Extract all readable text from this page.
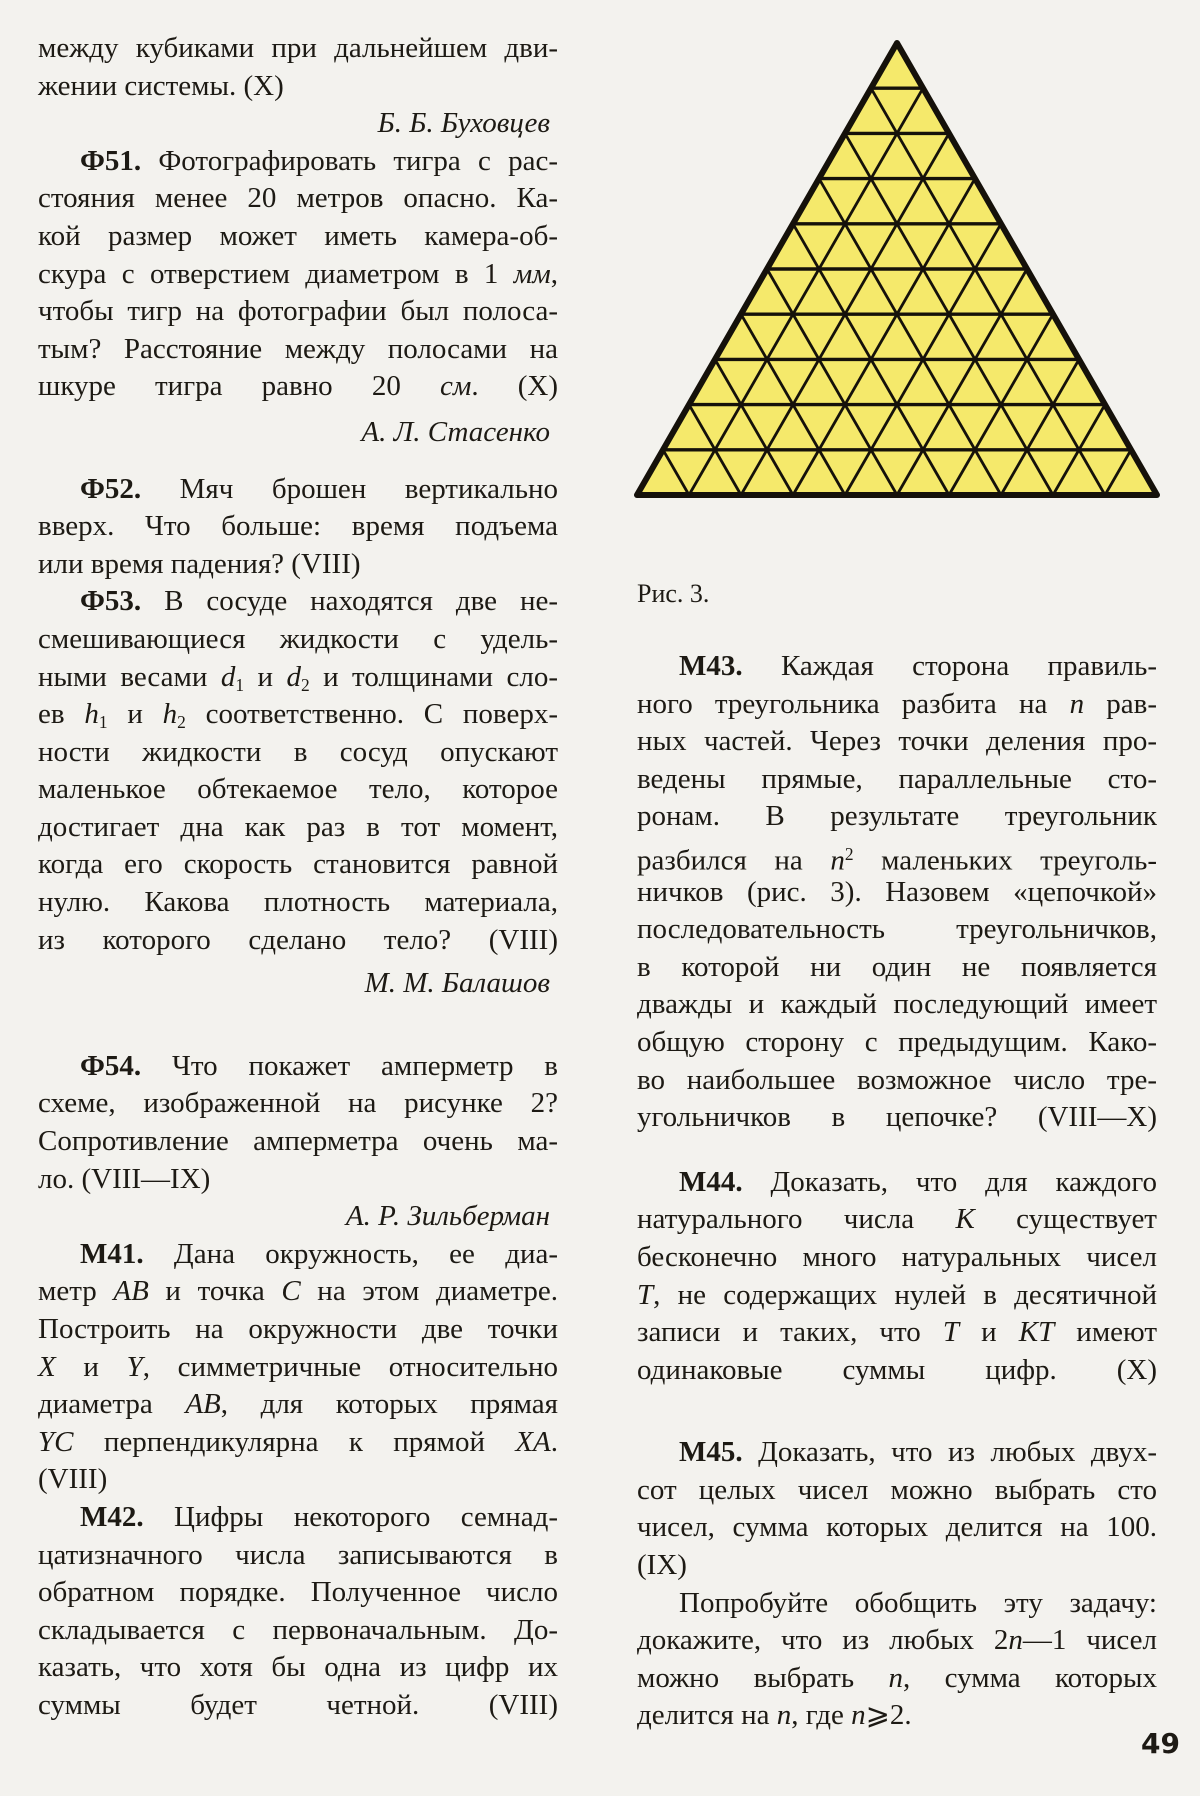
между кубиками при дальнейшем дви-
жении системы. (X)
Б. Б. Буховцев
Ф51. Фотографировать тигра с рас-
стояния менее 20 метров опасно. Ка-
кой размер может иметь камера-об-
скура с отверстием диаметром в 1 мм,
чтобы тигр на фотографии был полоса-
тым? Расстояние между полосами на
шкуре тигра равно 20 см. (X)
А. Л. Стасенко
Ф52. Мяч брошен вертикально
вверх. Что больше: время подъема
или время падения? (VIII)
Ф53. В сосуде находятся две не-
смешивающиеся жидкости с удель-
ными весами $d_1$ и $d_2$ и толщинами сло-
ев $h_1$ и $h_2$ соответственно. С поверх-
ности жидкости в сосуд опускают
маленькое обтекаемое тело, которое
достигает дна как раз в тот момент,
когда его скорость становится равной
нулю. Какова плотность материала,
из которого сделано тело? (VIII)
М. М. Балашов
Ф54. Что покажет амперметр в
схеме, изображенной на рисунке 2?
Сопротивление амперметра очень ма-
ло. (VIII—IX)
А. Р. Зильберман
М41. Дана окружность, ее диа-
метр AB и точка C на этом диаметре.
Построить на окружности две точки
X и Y, симметричные относительно
диаметра AB, для которых прямая
YC перпендикулярна к прямой XA.
(VIII)
М42. Цифры некоторого семнад-
цатизначного числа записываются в
обратном порядке. Полученное число
складывается с первоначальным. До-
казать, что хотя бы одна из цифр их
суммы будет четной. (VIII)
Рис. 3.
М43. Каждая сторона правиль-
ного треугольника разбита на n рав-
ных частей. Через точки деления про-
ведены прямые, параллельные сто-
ронам. В результате треугольник
разбился на $n^2$ маленьких треуголь-
ничков (рис. 3). Назовем «цепочкой»
последовательность треугольничков,
в которой ни один не появляется
дважды и каждый последующий имеет
общую сторону с предыдущим. Како-
во наибольшее возможное число тре-
угольничков в цепочке? (VIII—X)
М44. Доказать, что для каждого
натурального числа K существует
бесконечно много натуральных чисел
T, не содержащих нулей в десятичной
записи и таких, что T и KT имеют
одинаковые суммы цифр. (X)
М45. Доказать, что из любых двух-
сот целых чисел можно выбрать сто
чисел, сумма которых делится на 100.
(IX)
Попробуйте обобщить эту задачу:
докажите, что из любых 2n—1 чисел
можно выбрать n, сумма которых
делится на n, где n⩾2.
49
